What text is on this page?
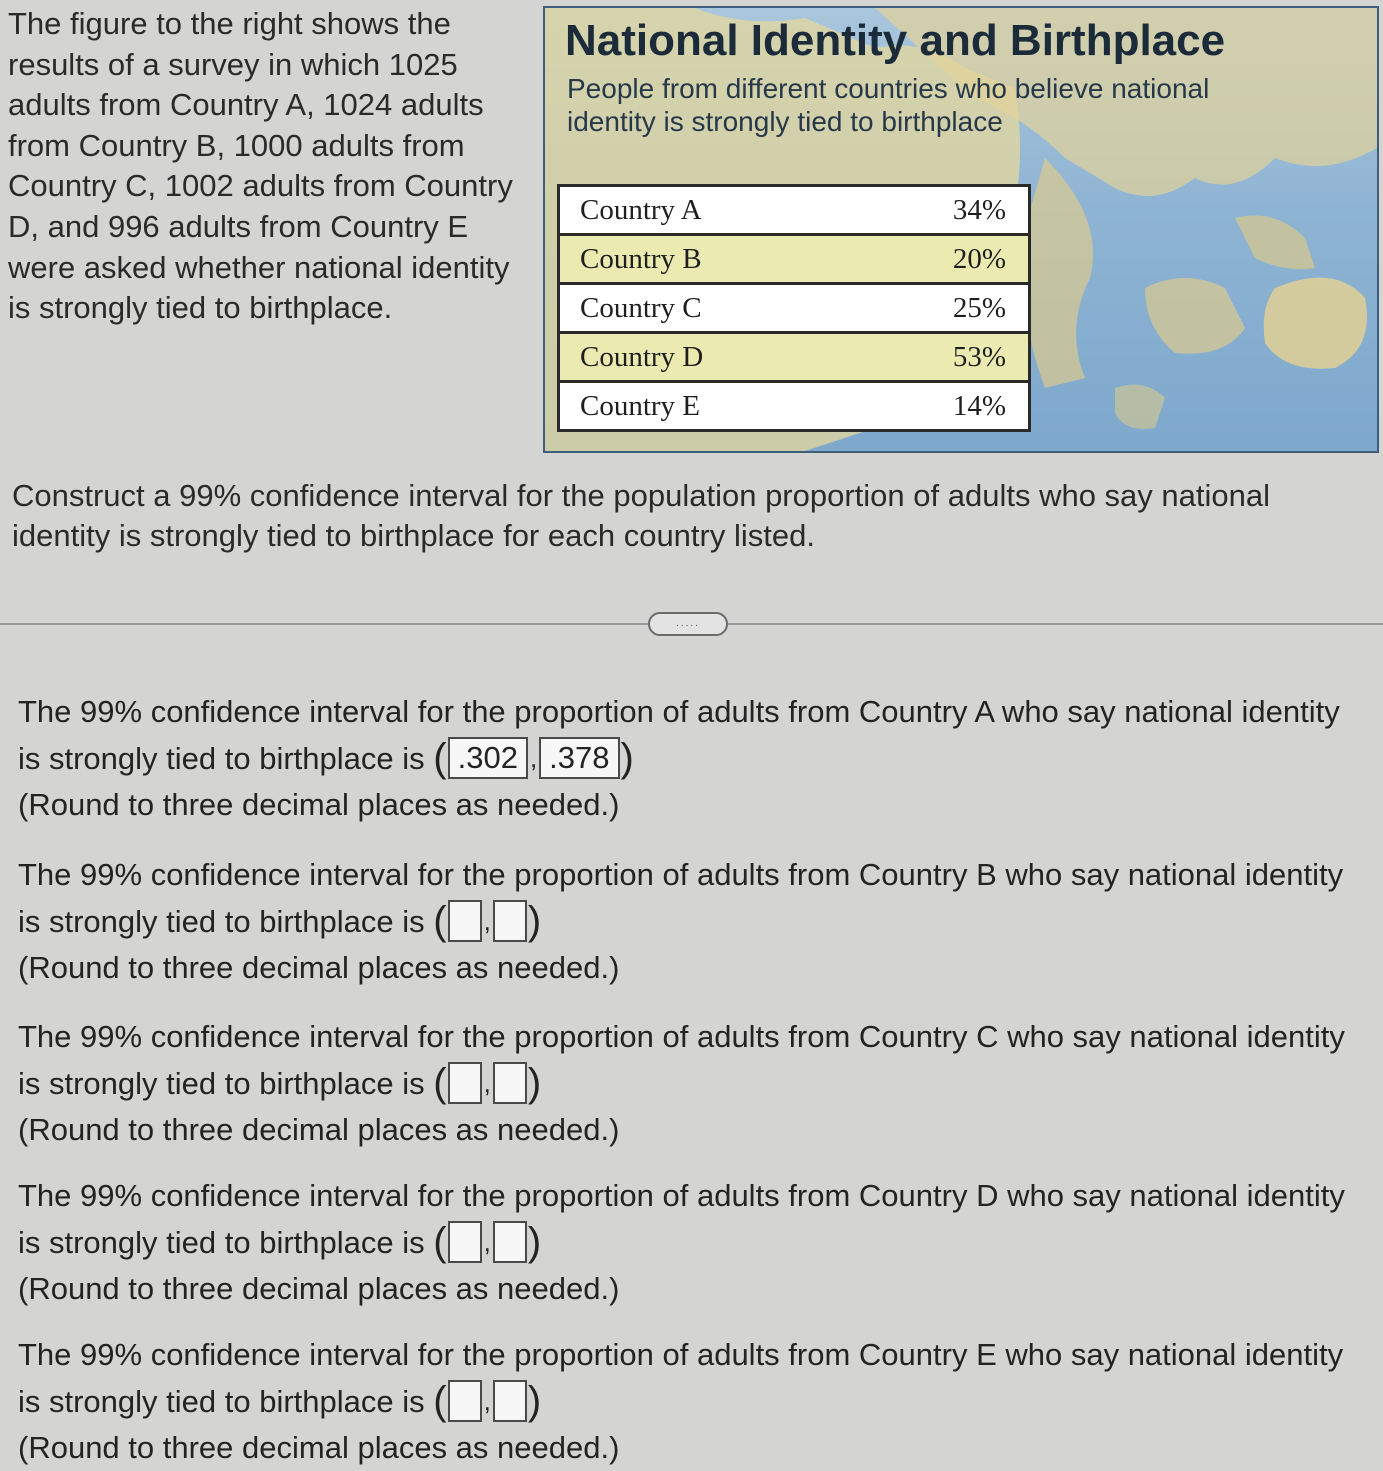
The figure to the right shows the results of a survey in which 1025 adults from Country A, 1024 adults from Country B, 1000 adults from Country C, 1002 adults from Country D, and 996 adults from Country E were asked whether national identity is strongly tied to birthplace.
National Identity and Birthplace
People from different countries who believe national identity is strongly tied to birthplace
Country A	34%
Country B	20%
Country C	25%
Country D	53%
Country E	14%
Construct a 99% confidence interval for the population proportion of adults who say national identity is strongly tied to birthplace for each country listed.
.....
The 99% confidence interval for the proportion of adults from Country A who say national identity
is strongly tied to birthplace is ( .302 , .378 )
(Round to three decimal places as needed.)
The 99% confidence interval for the proportion of adults from Country B who say national identity
is strongly tied to birthplace is ( , )
(Round to three decimal places as needed.)
The 99% confidence interval for the proportion of adults from Country C who say national identity
is strongly tied to birthplace is ( , )
(Round to three decimal places as needed.)
The 99% confidence interval for the proportion of adults from Country D who say national identity
is strongly tied to birthplace is ( , )
(Round to three decimal places as needed.)
The 99% confidence interval for the proportion of adults from Country E who say national identity
is strongly tied to birthplace is ( , )
(Round to three decimal places as needed.)
